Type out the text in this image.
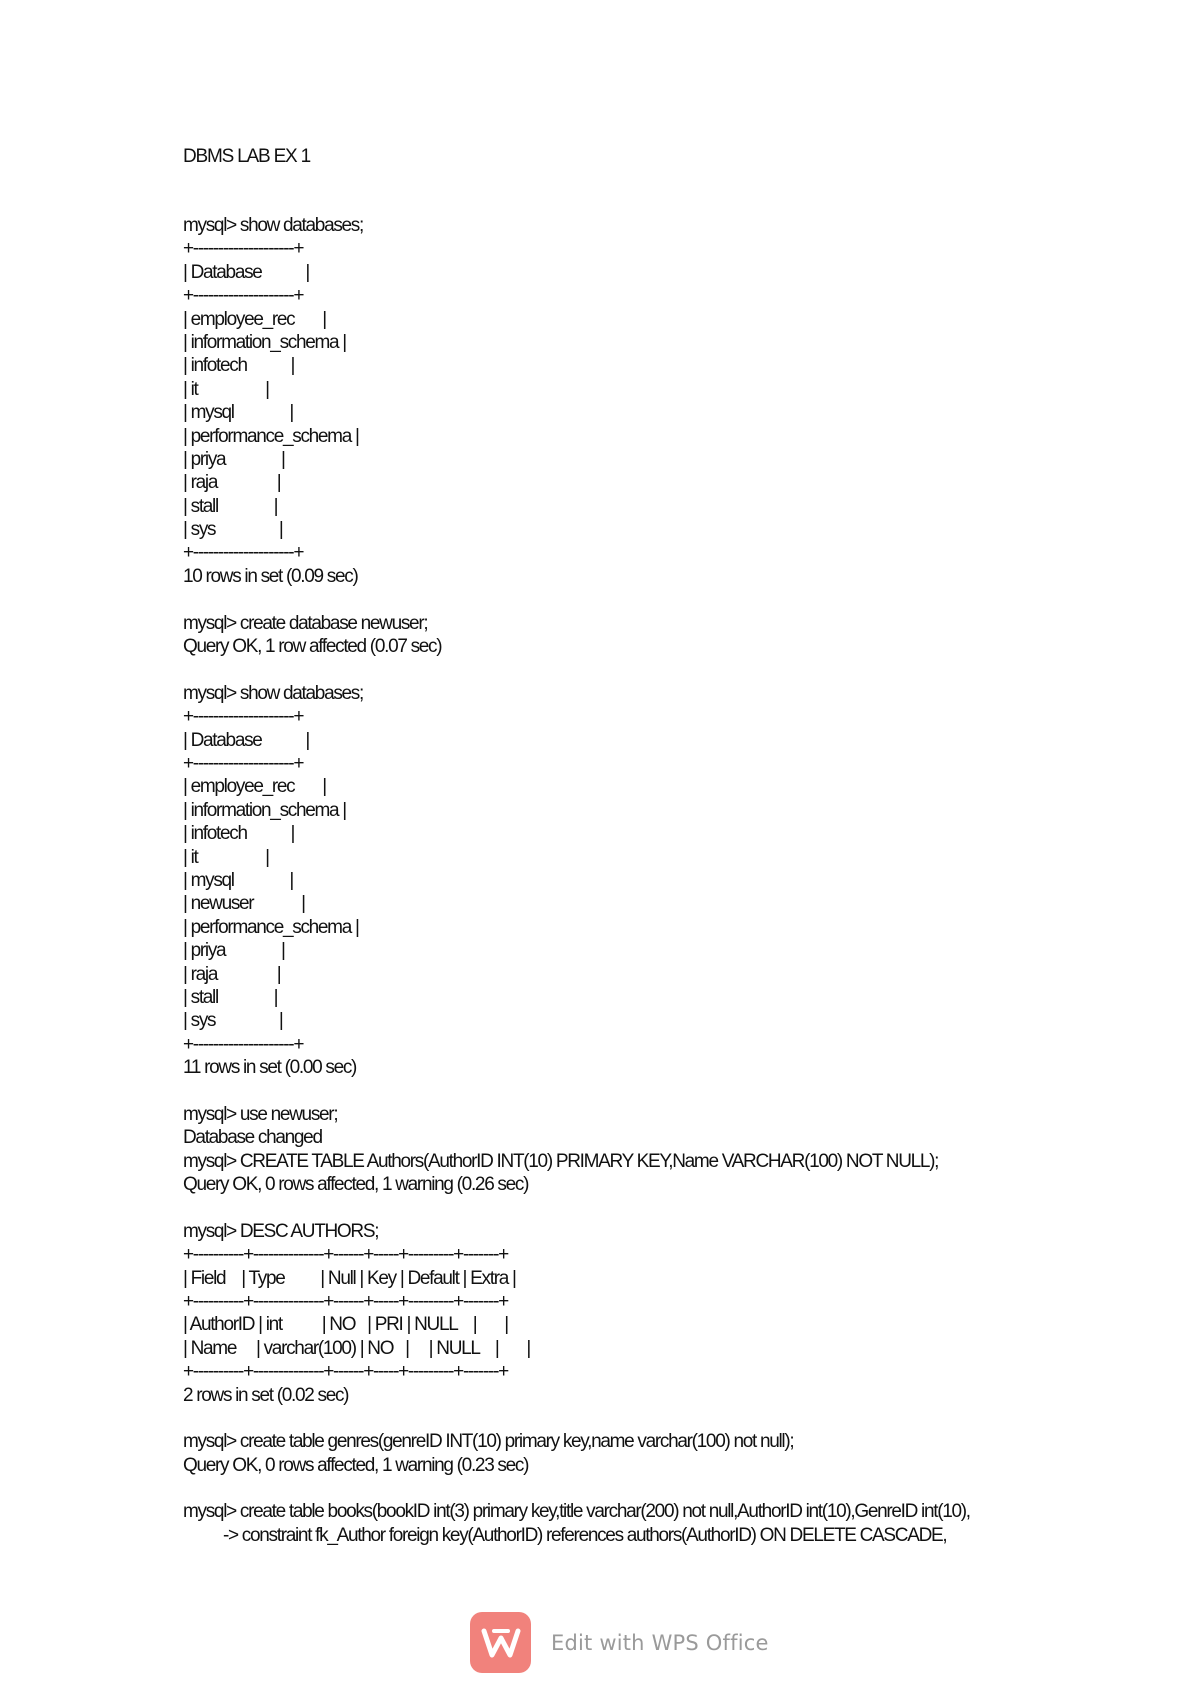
DBMS LAB EX 1

mysql> show databases;
+--------------------+
| Database           |
+--------------------+
| employee_rec       |
| information_schema |
| infotech           |
| it                 |
| mysql              |
| performance_schema |
| priya              |
| raja               |
| stall              |
| sys                |
+--------------------+
10 rows in set (0.09 sec)
mysql> create database newuser;
Query OK, 1 row affected (0.07 sec)
mysql> show databases;
+--------------------+
| Database           |
+--------------------+
| employee_rec       |
| information_schema |
| infotech           |
| it                 |
| mysql              |
| newuser            |
| performance_schema |
| priya              |
| raja               |
| stall              |
| sys                |
+--------------------+
11 rows in set (0.00 sec)
mysql> use newuser;
Database changed
mysql> CREATE TABLE Authors(AuthorID INT(10) PRIMARY KEY,Name VARCHAR(100) NOT NULL);
Query OK, 0 rows affected, 1 warning (0.26 sec)
mysql> DESC AUTHORS;
+----------+--------------+------+-----+---------+-------+
| Field    | Type         | Null | Key | Default | Extra |
+----------+--------------+------+-----+---------+-------+
| AuthorID | int          | NO   | PRI | NULL    |       |
| Name     | varchar(100) | NO   |     | NULL    |       |
+----------+--------------+------+-----+---------+-------+
2 rows in set (0.02 sec)
mysql> create table genres(genreID INT(10) primary key,name varchar(100) not null);
Query OK, 0 rows affected, 1 warning (0.23 sec)
mysql> create table books(bookID int(3) primary key,title varchar(200) not null,AuthorID int(10),GenreID int(10),
-> constraint fk_Author foreign key(AuthorID) references authors(AuthorID) ON DELETE CASCADE,
Edit with WPS Office
